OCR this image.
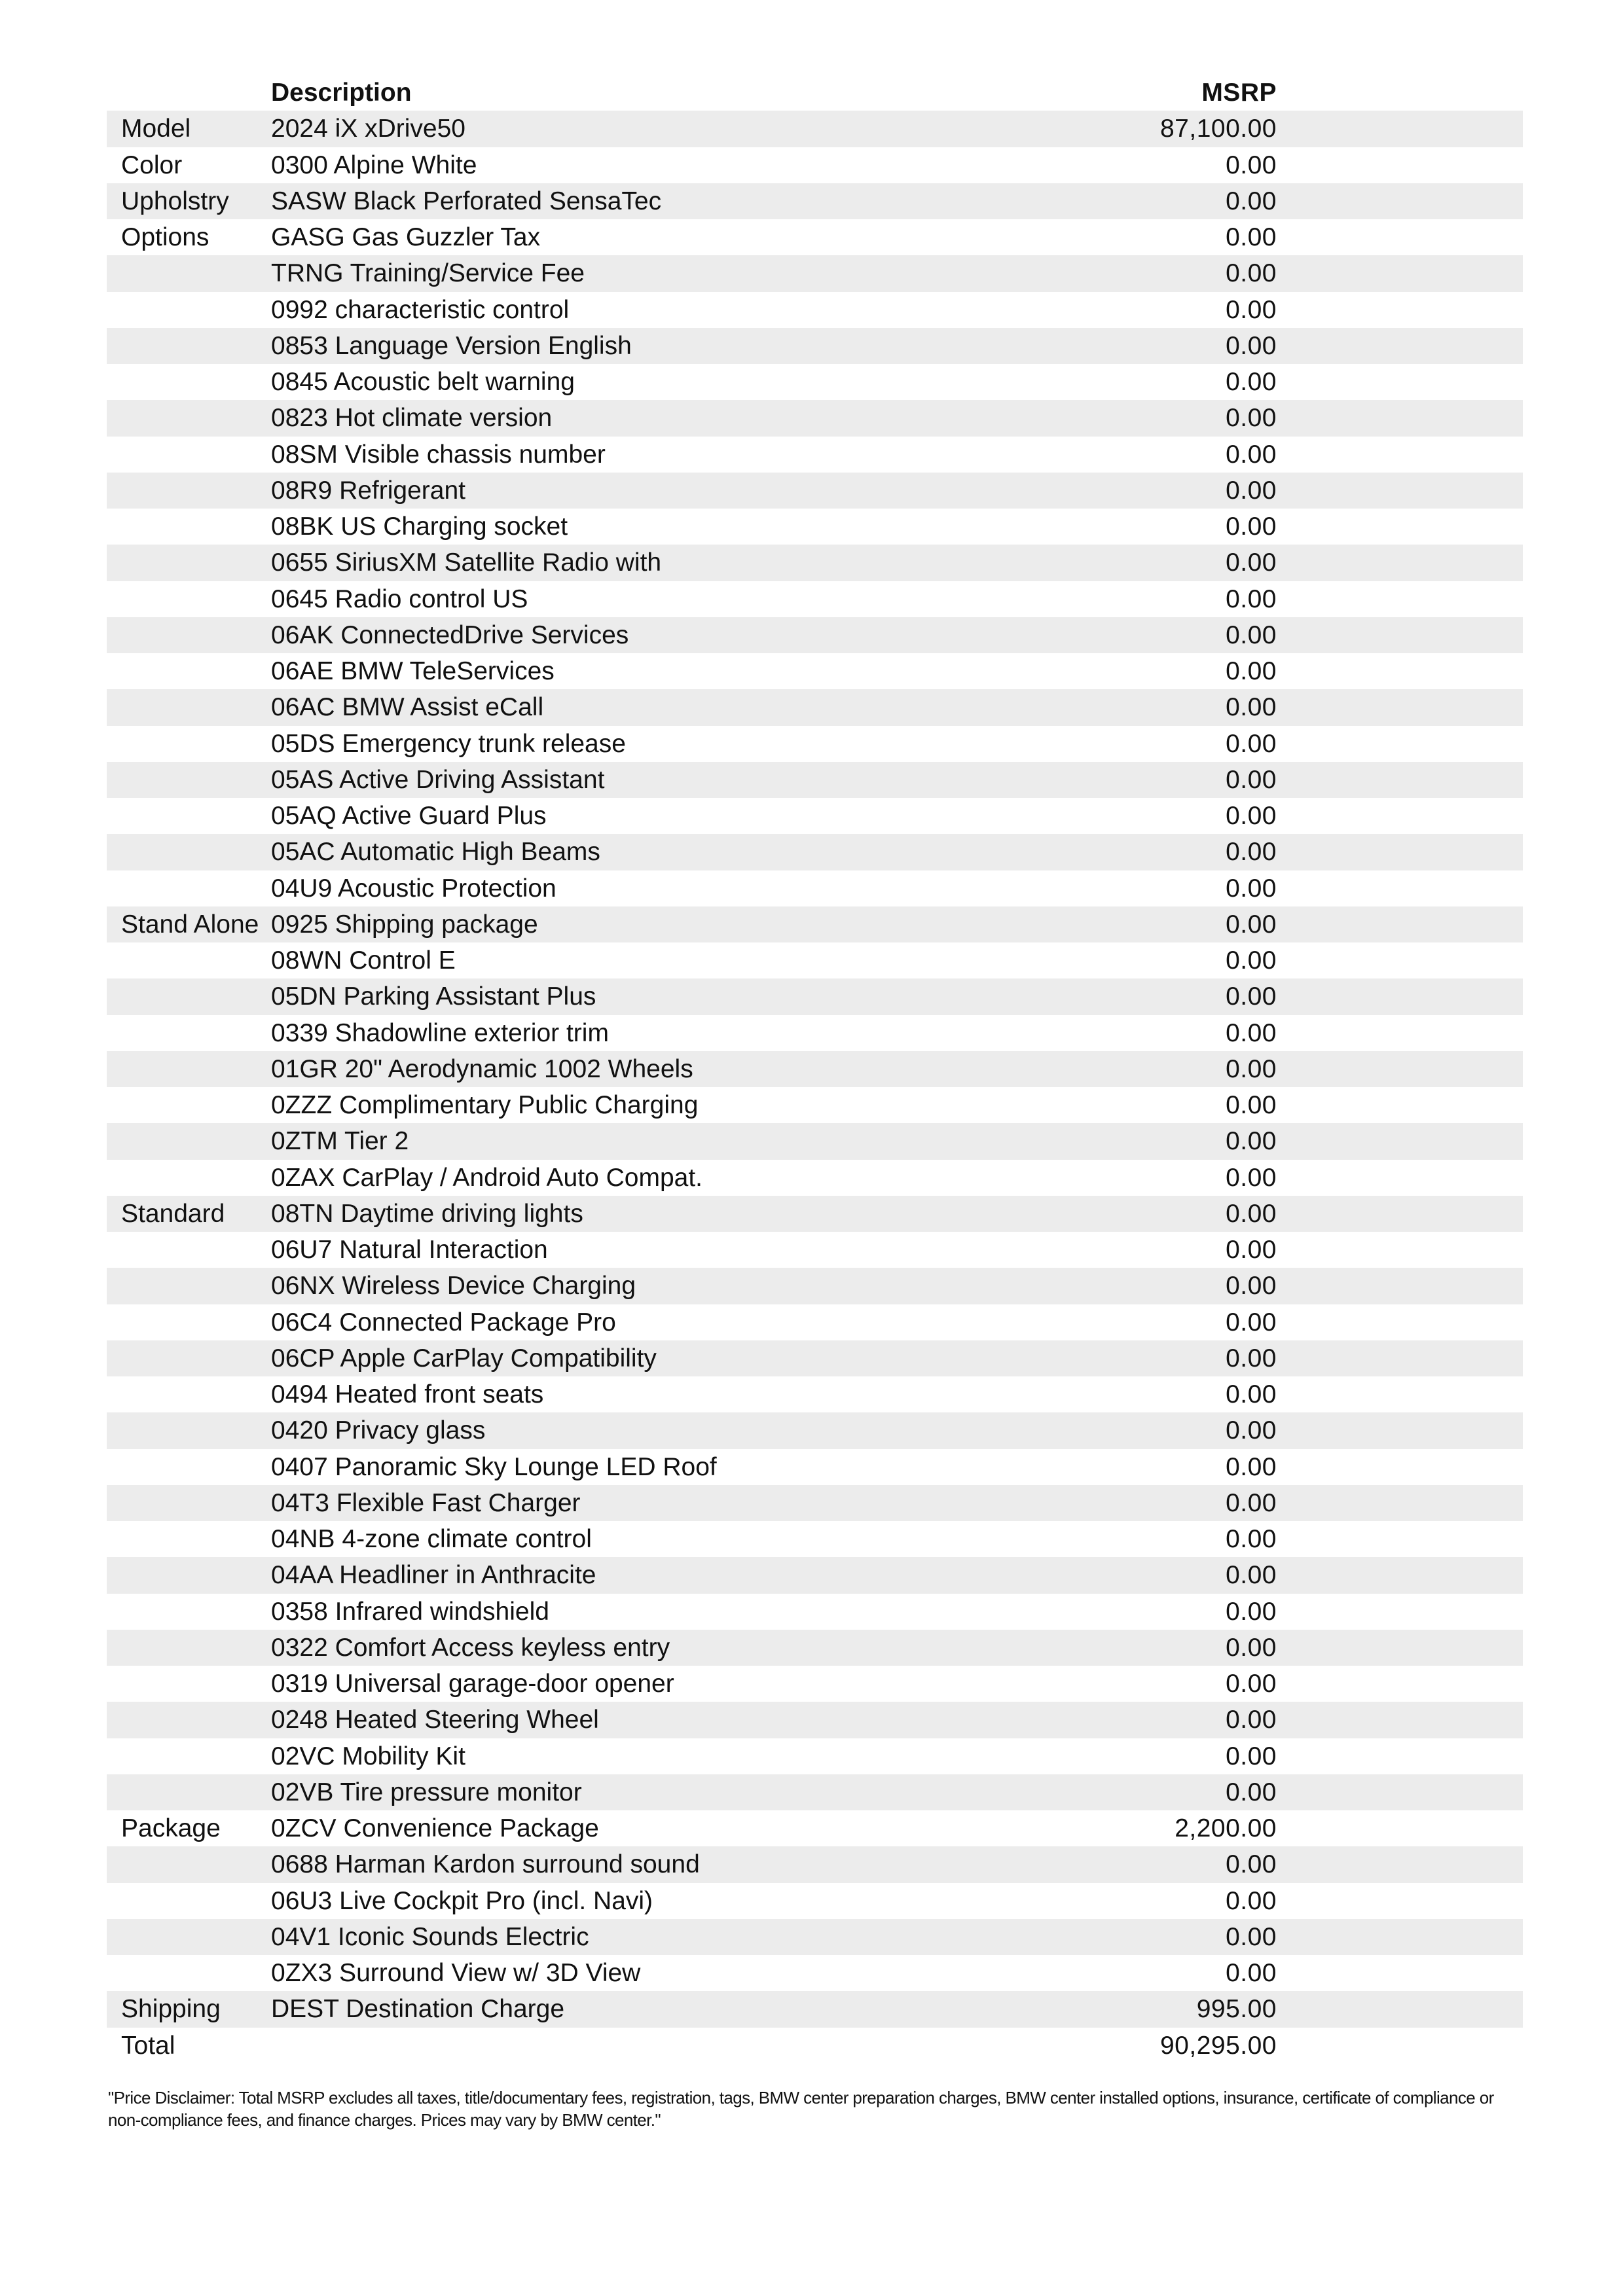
Description	MSRP
Model	2024 iX xDrive50	87,100.00
Color	0300 Alpine White	0.00
Upholstry	SASW Black Perforated SensaTec	0.00
Options	GASG Gas Guzzler Tax	0.00
TRNG Training/Service Fee	0.00
0992 characteristic control	0.00
0853 Language Version English	0.00
0845 Acoustic belt warning	0.00
0823 Hot climate version	0.00
08SM Visible chassis number	0.00
08R9 Refrigerant	0.00
08BK US Charging socket	0.00
0655 SiriusXM Satellite Radio with	0.00
0645 Radio control US	0.00
06AK ConnectedDrive Services	0.00
06AE BMW TeleServices	0.00
06AC BMW Assist eCall	0.00
05DS Emergency trunk release	0.00
05AS Active Driving Assistant	0.00
05AQ Active Guard Plus	0.00
05AC Automatic High Beams	0.00
04U9 Acoustic Protection	0.00
Stand Alone 0925 Shipping package	0.00
08WN Control E	0.00
05DN Parking Assistant Plus	0.00
0339 Shadowline exterior trim	0.00
01GR 20" Aerodynamic 1002 Wheels	0.00
0ZZZ Complimentary Public Charging	0.00
0ZTM Tier 2	0.00
0ZAX CarPlay / Android Auto Compat.	0.00
Standard	08TN Daytime driving lights	0.00
06U7 Natural Interaction	0.00
06NX Wireless Device Charging	0.00
06C4 Connected Package Pro	0.00
06CP Apple CarPlay Compatibility	0.00
0494 Heated front seats	0.00
0420 Privacy glass	0.00
0407 Panoramic Sky Lounge LED Roof	0.00
04T3 Flexible Fast Charger	0.00
04NB 4-zone climate control	0.00
04AA Headliner in Anthracite	0.00
0358 Infrared windshield	0.00
0322 Comfort Access keyless entry	0.00
0319 Universal garage-door opener	0.00
0248 Heated Steering Wheel	0.00
02VC Mobility Kit	0.00
02VB Tire pressure monitor	0.00
Package	0ZCV Convenience Package	2,200.00
0688 Harman Kardon surround sound	0.00
06U3 Live Cockpit Pro (incl. Navi)	0.00
04V1 Iconic Sounds Electric	0.00
0ZX3 Surround View w/ 3D View	0.00
Shipping	DEST Destination Charge	995.00
Total	90,295.00
"Price Disclaimer: Total MSRP excludes all taxes, title/documentary fees, registration, tags, BMW center preparation charges, BMW center installed options, insurance, certificate of compliance or non-compliance fees, and finance charges. Prices may vary by BMW center."
